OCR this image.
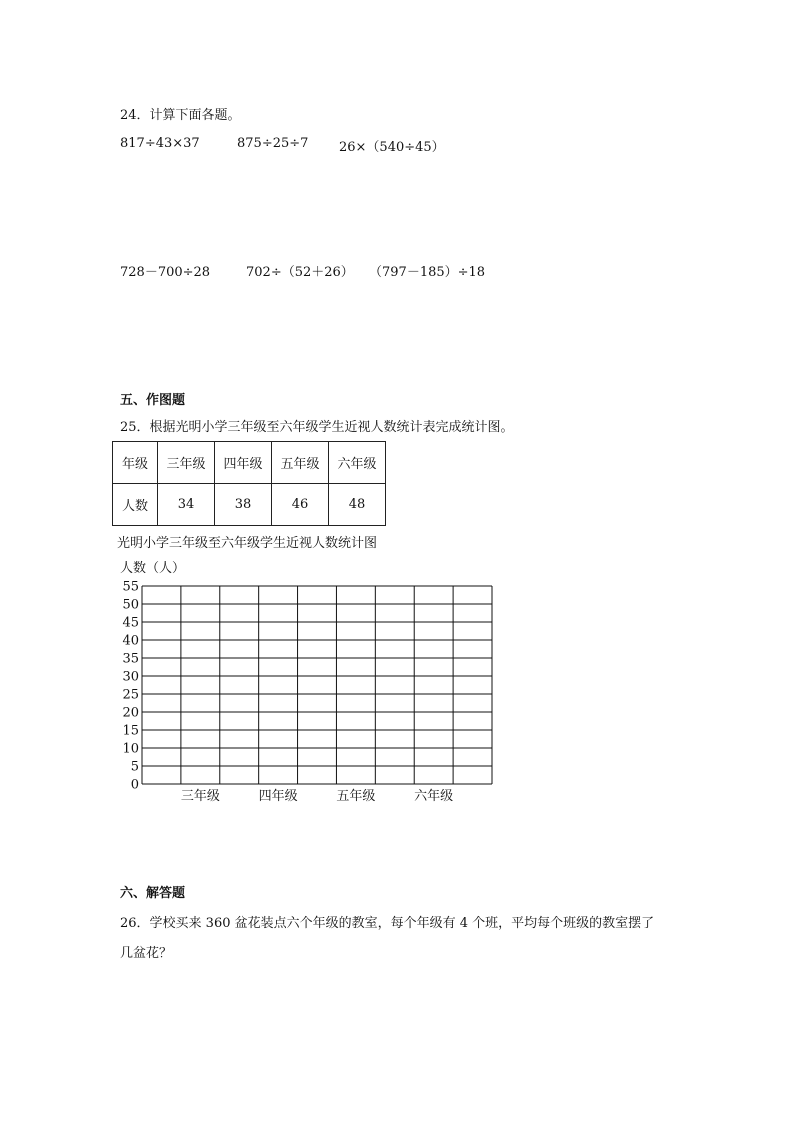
24．计算下面各题。
817÷43×37	875÷25÷7 26×（540÷45）
728－700÷28	702÷（52＋26） （797－185）÷18
五、作图题
25．根据光明小学三年级至六年级学生近视人数统计表完成统计图。
年级	三年级	四年级	五年级	六年级
人数	34	38	46	48
光明小学三年级至六年级学生近视人数统计图
人数（人）
55
50
45
40
35
30
25
20
15
10
5
0
三年级	四年级	五年级	六年级
六、解答题
26．学校买来 360 盆花装点六个年级的教室，每个年级有 4 个班，平均每个班级的教室摆了
几盆花？
